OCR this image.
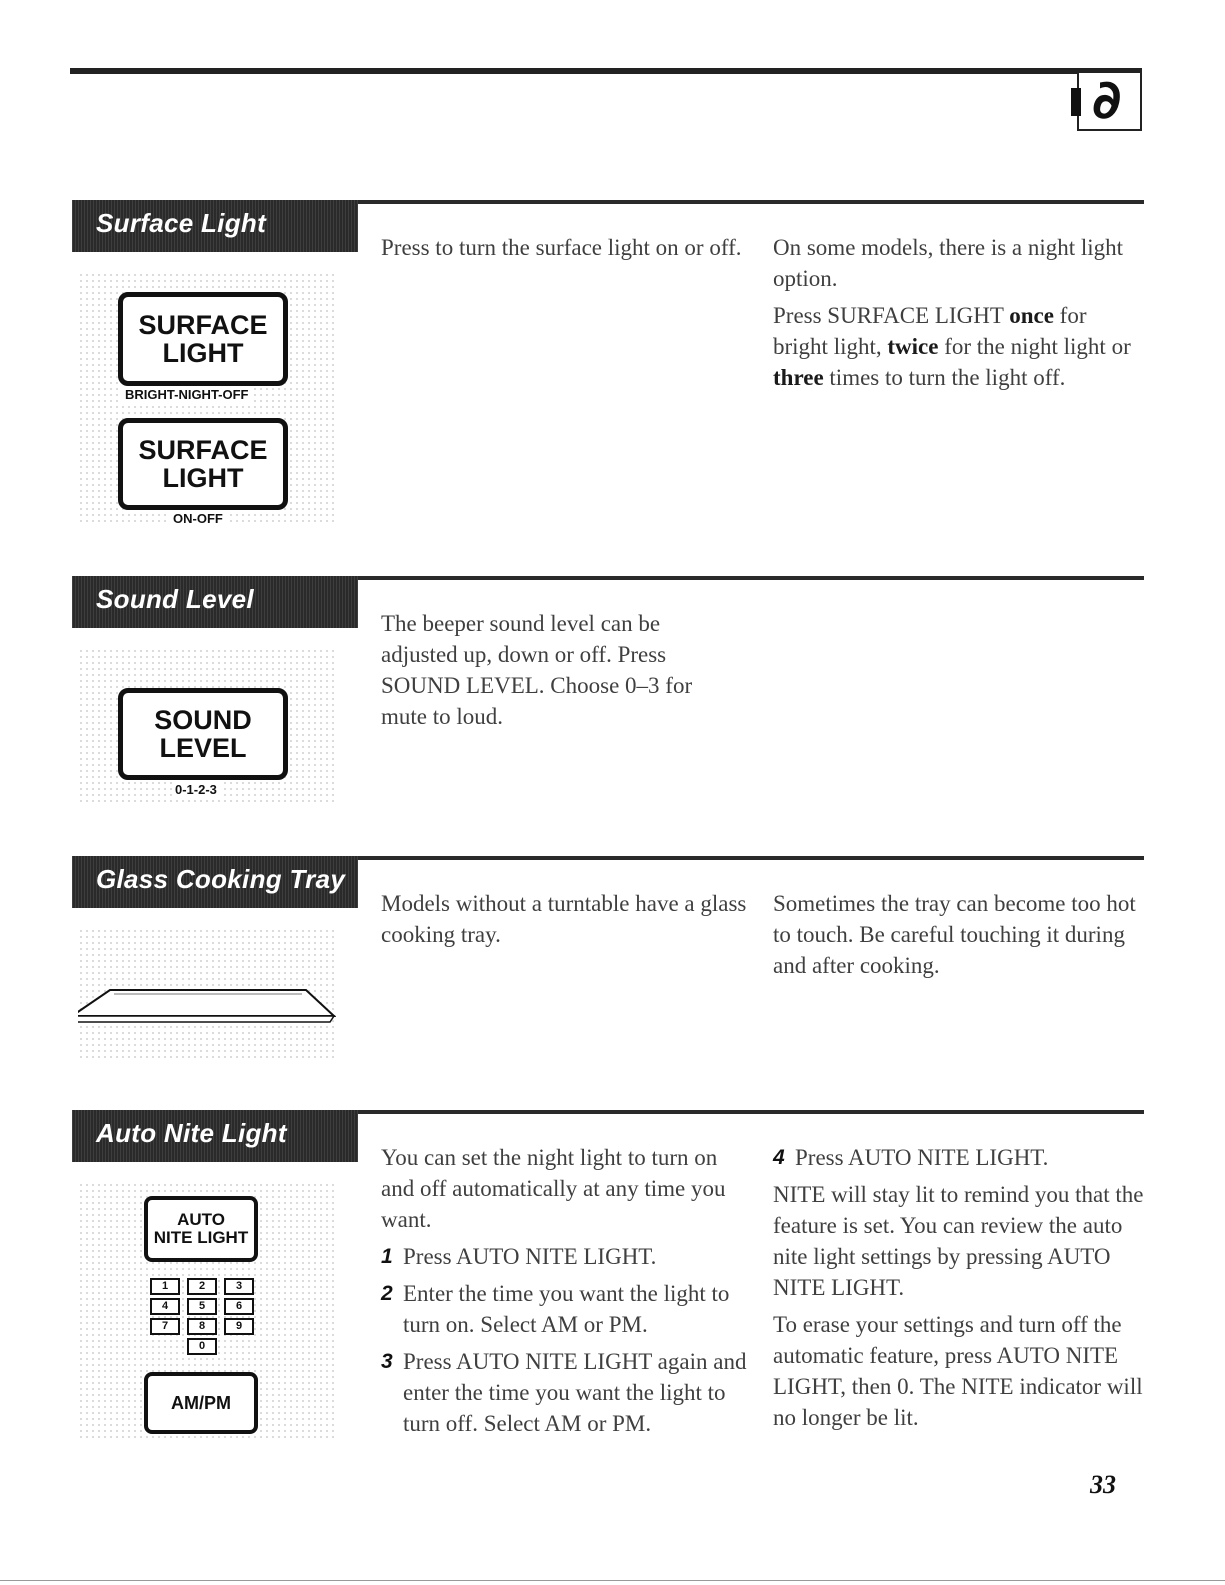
∂
Surface Light
SURFACE
LIGHT
BRIGHT-NIGHT-OFF
SURFACE
LIGHT
ON-OFF

Press to turn the surface light on or off.	On some models, there is a night light option.

Press SURFACE LIGHT once for bright light, twice for the night light or three times to turn the light off.

Sound Level
SOUND
LEVEL
0-1-2-3

The beeper sound level can be adjusted up, down or off. Press SOUND LEVEL. Choose 0–3 for mute to loud.

Glass Cooking Tray

Models without a turntable have a glass cooking tray.

Sometimes the tray can become too hot to touch. Be careful touching it during and after cooking.

Auto Nite Light
AUTO
NITE LIGHT
1	2	3
4	5	6
7	8	9
0
AM/PM

You can set the night light to turn on and off automatically at any time you want.

1 Press AUTO NITE LIGHT.
2 Enter the time you want the light to turn on. Select AM or PM.
3 Press AUTO NITE LIGHT again and enter the time you want the light to turn off. Select AM or PM.
4 Press AUTO NITE LIGHT.

NITE will stay lit to remind you that the feature is set. You can review the auto nite light settings by pressing AUTO NITE LIGHT.

To erase your settings and turn off the automatic feature, press AUTO NITE LIGHT, then 0. The NITE indicator will no longer be lit.

33
